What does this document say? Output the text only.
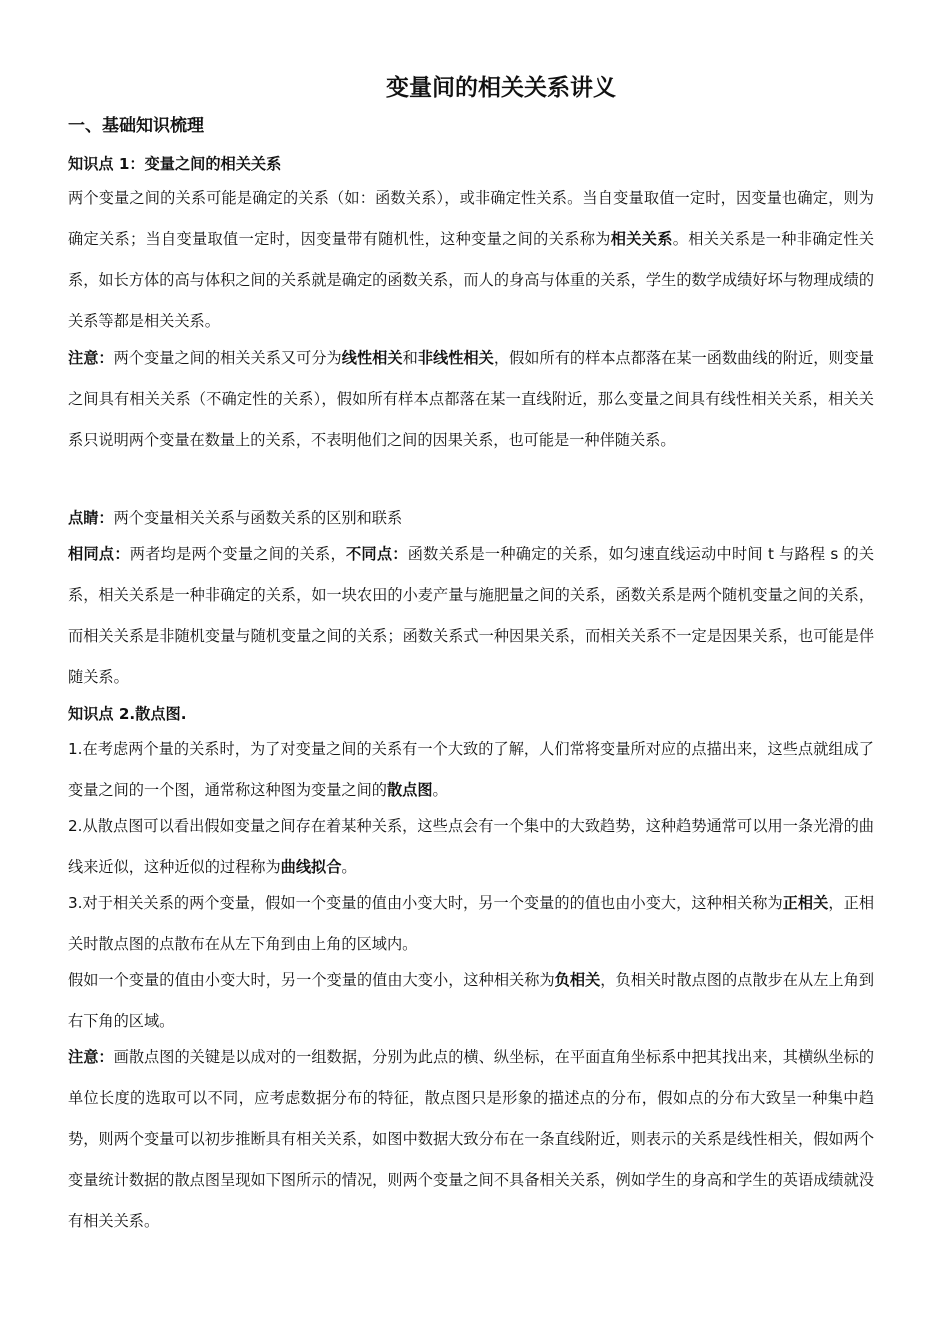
变量间的相关关系讲义
一、基础知识梳理

知识点 1：变量之间的相关关系

两个变量之间的关系可能是确定的关系（如：函数关系），或非确定性关系。当自变量取值一定时，因变量也确定，则为确定关系；当自变量取值一定时，因变量带有随机性，这种变量之间的关系称为相关关系。相关关系是一种非确定性关系，如长方体的高与体积之间的关系就是确定的函数关系，而人的身高与体重的关系，学生的数学成绩好坏与物理成绩的关系等都是相关关系。

注意：两个变量之间的相关关系又可分为线性相关和非线性相关，假如所有的样本点都落在某一函数曲线的附近，则变量之间具有相关关系（不确定性的关系），假如所有样本点都落在某一直线附近，那么变量之间具有线性相关关系，相关关系只说明两个变量在数量上的关系，不表明他们之间的因果关系，也可能是一种伴随关系。

点睛：两个变量相关关系与函数关系的区别和联系

相同点：两者均是两个变量之间的关系，不同点：函数关系是一种确定的关系，如匀速直线运动中时间 t 与路程 s 的关系，相关关系是一种非确定的关系，如一块农田的小麦产量与施肥量之间的关系，函数关系是两个随机变量之间的关系，而相关关系是非随机变量与随机变量之间的关系；函数关系式一种因果关系，而相关关系不一定是因果关系，也可能是伴随关系。

知识点 2.散点图.

1.在考虑两个量的关系时，为了对变量之间的关系有一个大致的了解，人们常将变量所对应的点描出来，这些点就组成了变量之间的一个图，通常称这种图为变量之间的散点图。

2.从散点图可以看出假如变量之间存在着某种关系，这些点会有一个集中的大致趋势，这种趋势通常可以用一条光滑的曲线来近似，这种近似的过程称为曲线拟合。

3.对于相关关系的两个变量，假如一个变量的值由小变大时，另一个变量的的值也由小变大，这种相关称为正相关，正相关时散点图的点散布在从左下角到由上角的区域内。

假如一个变量的值由小变大时，另一个变量的值由大变小，这种相关称为负相关，负相关时散点图的点散步在从左上角到右下角的区域。

注意：画散点图的关键是以成对的一组数据，分别为此点的横、纵坐标，在平面直角坐标系中把其找出来，其横纵坐标的单位长度的选取可以不同，应考虑数据分布的特征，散点图只是形象的描述点的分布，假如点的分布大致呈一种集中趋势，则两个变量可以初步推断具有相关关系，如图中数据大致分布在一条直线附近，则表示的关系是线性相关，假如两个变量统计数据的散点图呈现如下图所示的情况，则两个变量之间不具备相关关系，例如学生的身高和学生的英语成绩就没有相关关系。
